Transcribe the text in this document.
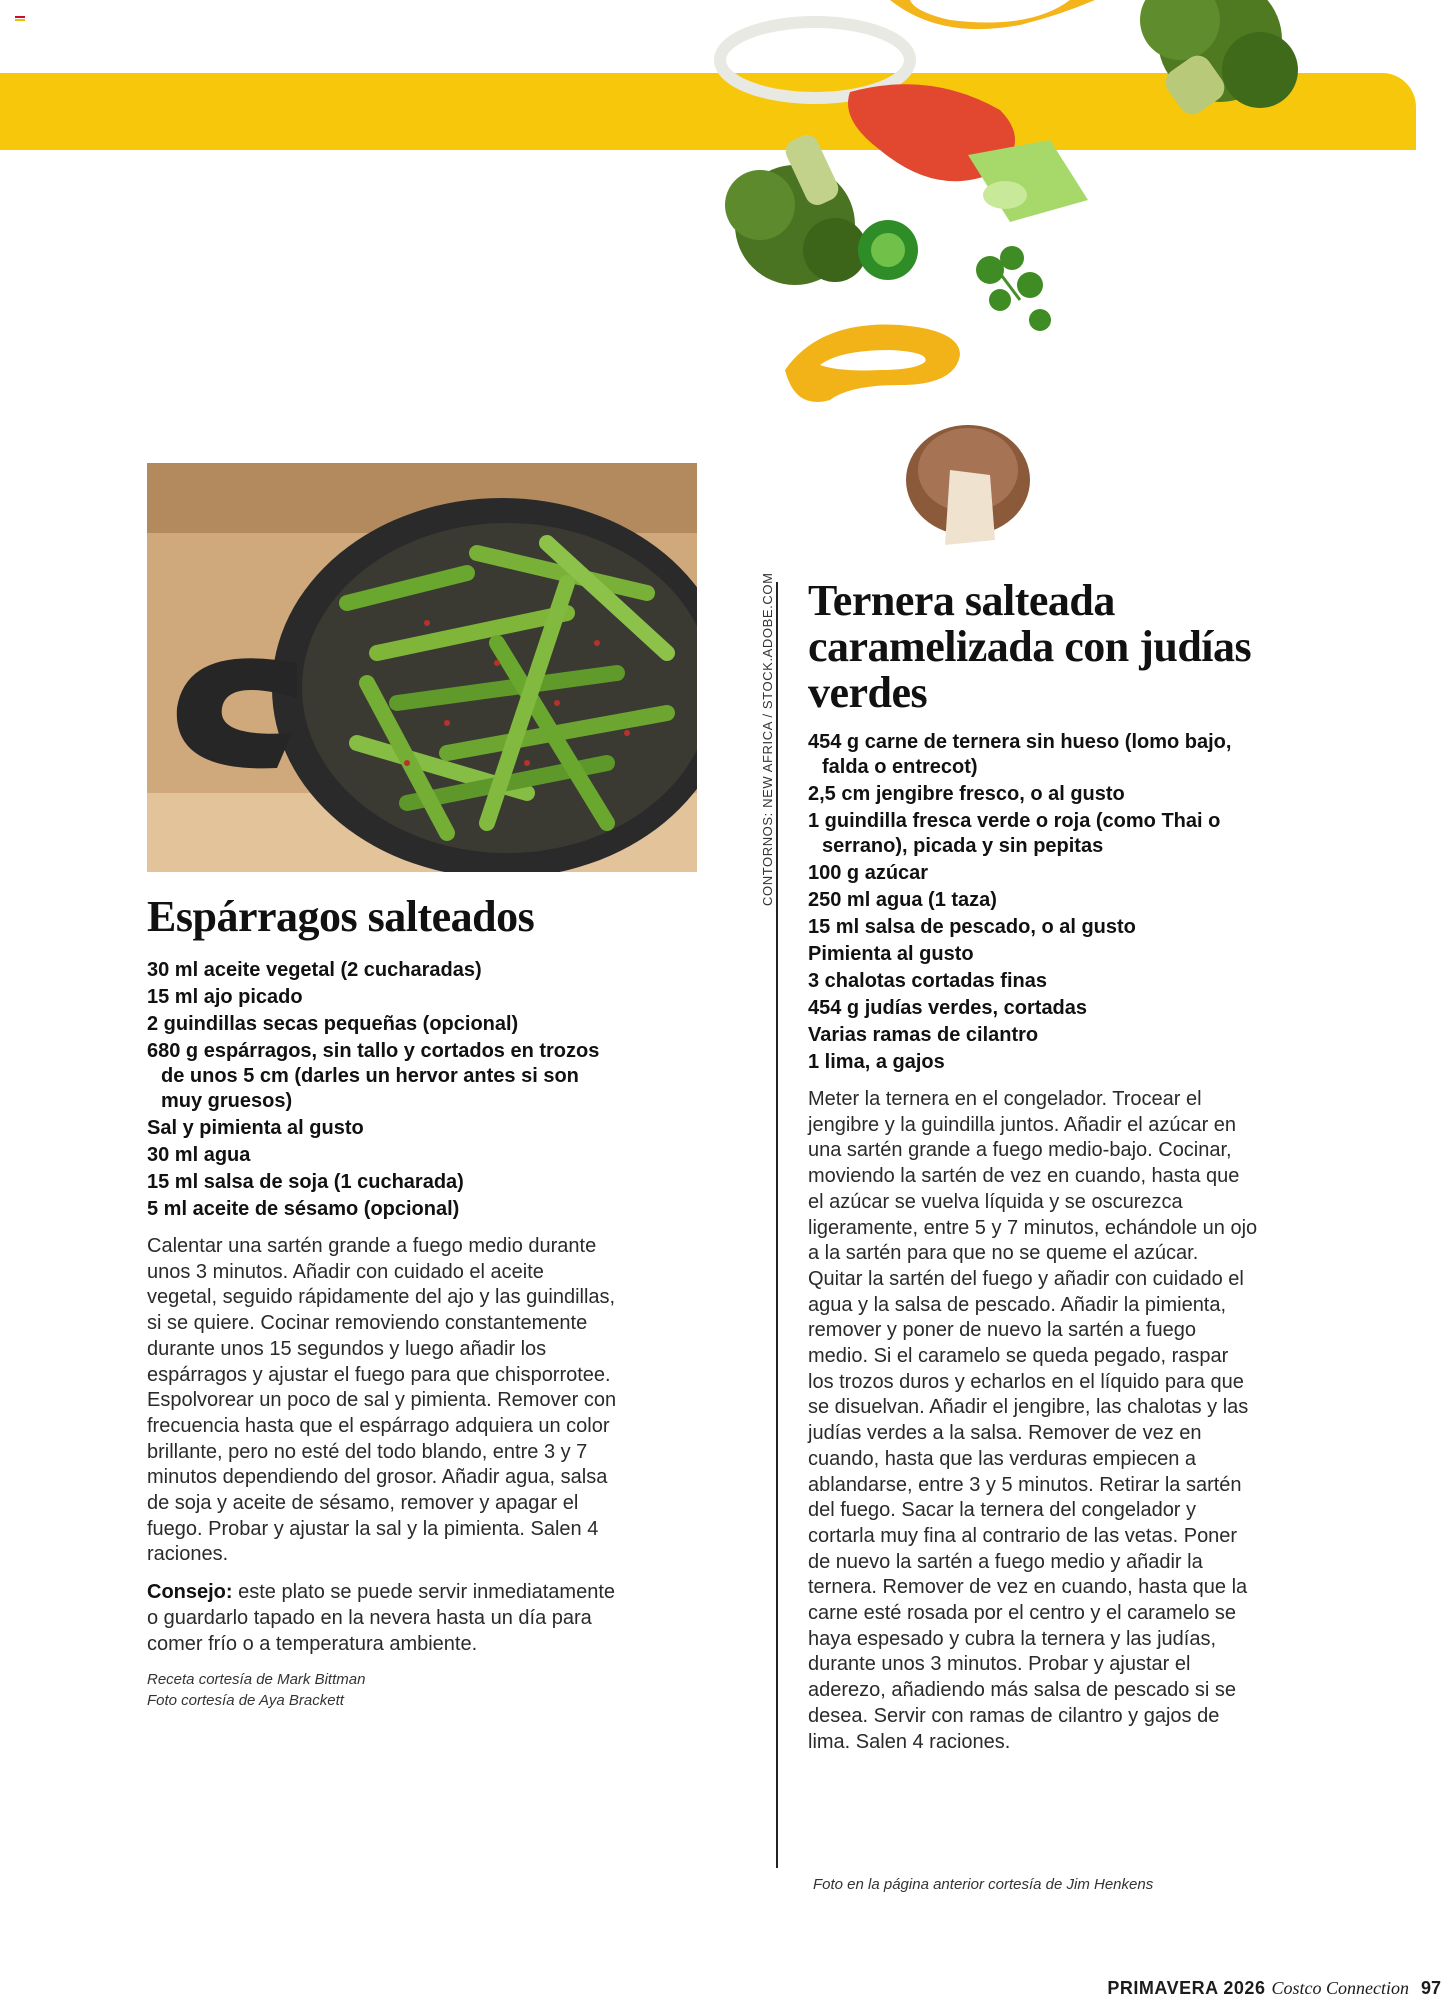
CONTORNOS: NEW AFRICA / STOCK.ADOBE.COM
Espárragos salteados
30 ml aceite vegetal (2 cucharadas)
15 ml ajo picado
2 guindillas secas pequeñas (opcional)
680 g espárragos, sin tallo y cortados en trozos de unos 5 cm (darles un hervor antes si son muy gruesos)
Sal y pimienta al gusto
30 ml agua
15 ml salsa de soja (1 cucharada)
5 ml aceite de sésamo (opcional)

Calentar una sartén grande a fuego medio durante unos 3 minutos. Añadir con cuidado el aceite vegetal, seguido rápidamente del ajo y las guindillas, si se quiere. Cocinar removiendo constantemente durante unos 15 segundos y luego añadir los espárragos y ajustar el fuego para que chisporrotee. Espolvorear un poco de sal y pimienta. Remover con frecuencia hasta que el espárrago adquiera un color brillante, pero no esté del todo blando, entre 3 y 7 minutos dependiendo del grosor. Añadir agua, salsa de soja y aceite de sésamo, remover y apagar el fuego. Probar y ajustar la sal y la pimienta. Salen 4 raciones.

Consejo: este plato se puede servir inmediatamente o guardarlo tapado en la nevera hasta un día para comer frío o a temperatura ambiente.

Receta cortesía de Mark Bittman
Foto cortesía de Aya Brackett
Ternera salteada caramelizada con judías verdes
454 g carne de ternera sin hueso (lomo bajo, falda o entrecot)
2,5 cm jengibre fresco, o al gusto
1 guindilla fresca verde o roja (como Thai o serrano), picada y sin pepitas
100 g azúcar
250 ml agua (1 taza)
15 ml salsa de pescado, o al gusto
Pimienta al gusto
3 chalotas cortadas finas
454 g judías verdes, cortadas
Varias ramas de cilantro
1 lima, a gajos

Meter la ternera en el congelador. Trocear el jengibre y la guindilla juntos. Añadir el azúcar en una sartén grande a fuego medio-bajo. Cocinar, moviendo la sartén de vez en cuando, hasta que el azúcar se vuelva líquida y se oscurezca ligeramente, entre 5 y 7 minutos, echándole un ojo a la sartén para que no se queme el azúcar. Quitar la sartén del fuego y añadir con cuidado el agua y la salsa de pescado. Añadir la pimienta, remover y poner de nuevo la sartén a fuego medio. Si el caramelo se queda pegado, raspar los trozos duros y echarlos en el líquido para que se disuelvan. Añadir el jengibre, las chalotas y las judías verdes a la salsa. Remover de vez en cuando, hasta que las verduras empiecen a ablandarse, entre 3 y 5 minutos. Retirar la sartén del fuego. Sacar la ternera del congelador y cortarla muy fina al contrario de las vetas. Poner de nuevo la sartén a fuego medio y añadir la ternera. Remover de vez en cuando, hasta que la carne esté rosada por el centro y el caramelo se haya espesado y cubra la ternera y las judías, durante unos 3 minutos. Probar y ajustar el aderezo, añadiendo más salsa de pescado si se desea. Servir con ramas de cilantro y gajos de lima. Salen 4 raciones.

Foto en la página anterior cortesía de Jim Henkens
PRIMAVERA 2026 Costco Connection 97
